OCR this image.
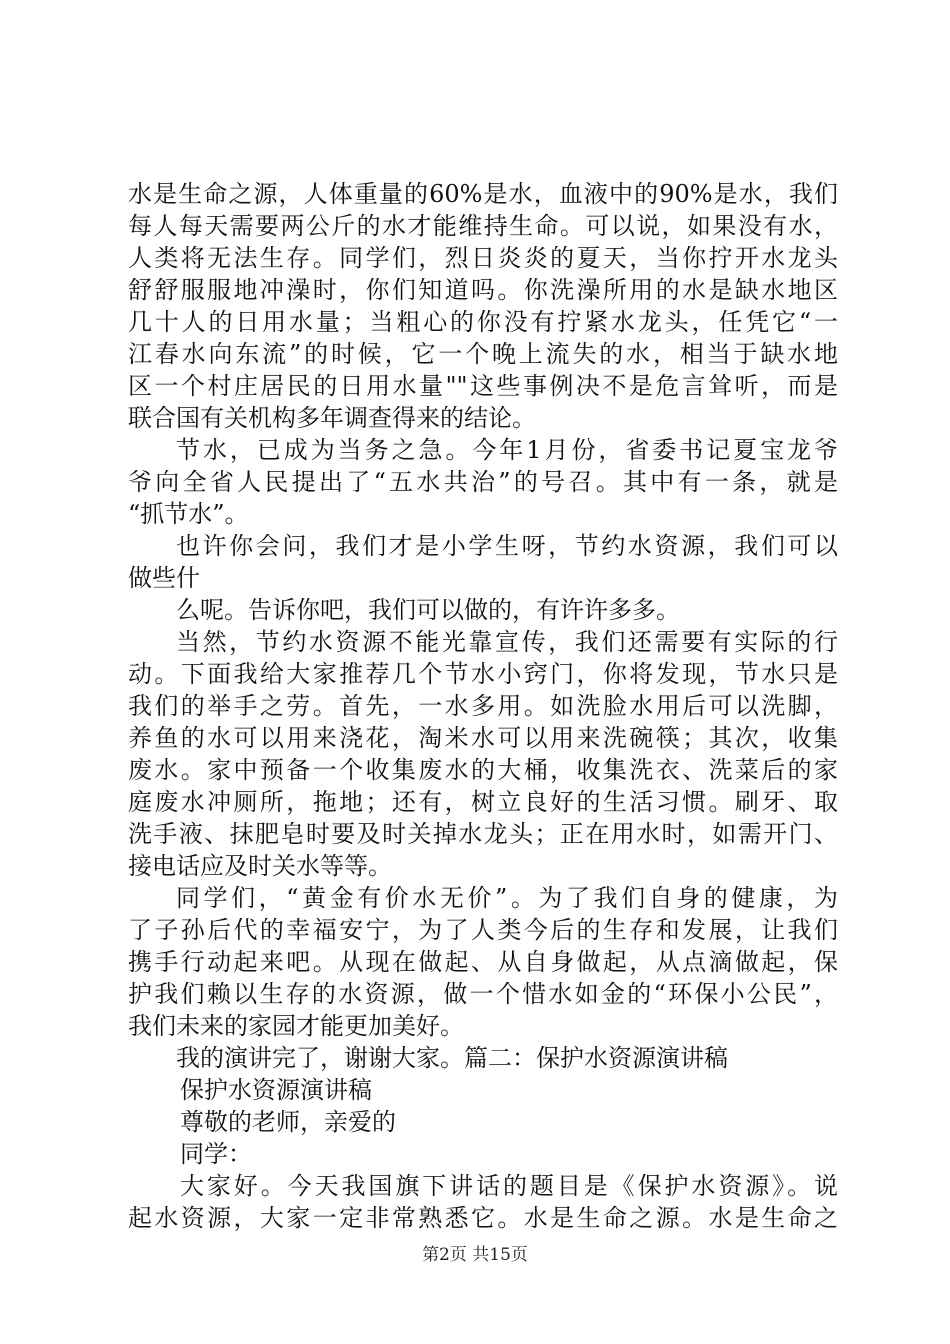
水是生命之源，人体重量的60%是水，血液中的90%是水，我们
每人每天需要两公斤的水才能维持生命。可以说，如果没有水，
人类将无法生存。同学们，烈日炎炎的夏天，当你拧开水龙头
舒舒服服地冲澡时，你们知道吗。你洗澡所用的水是缺水地区
几十人的日用水量；当粗心的你没有拧紧水龙头，任凭它“一
江春水向东流”的时候，它一个晚上流失的水，相当于缺水地
区一个村庄居民的日用水量""这些事例决不是危言耸听，而是
联合国有关机构多年调查得来的结论。
节水，已成为当务之急。今年1月份，省委书记夏宝龙爷
爷向全省人民提出了“五水共治”的号召。其中有一条，就是
“抓节水”。
也许你会问，我们才是小学生呀，节约水资源，我们可以
做些什
么呢。告诉你吧，我们可以做的，有许许多多。
当然，节约水资源不能光靠宣传，我们还需要有实际的行
动。下面我给大家推荐几个节水小窍门，你将发现，节水只是
我们的举手之劳。首先，一水多用。如洗脸水用后可以洗脚，
养鱼的水可以用来浇花，淘米水可以用来洗碗筷；其次，收集
废水。家中预备一个收集废水的大桶，收集洗衣、洗菜后的家
庭废水冲厕所，拖地；还有，树立良好的生活习惯。刷牙、取
洗手液、抹肥皂时要及时关掉水龙头；正在用水时，如需开门、
接电话应及时关水等等。
同学们，“黄金有价水无价”。为了我们自身的健康，为
了子孙后代的幸福安宁，为了人类今后的生存和发展，让我们
携手行动起来吧。从现在做起、从自身做起，从点滴做起，保
护我们赖以生存的水资源，做一个惜水如金的“环保小公民”，
我们未来的家园才能更加美好。
我的演讲完了，谢谢大家。篇二：保护水资源演讲稿
保护水资源演讲稿
尊敬的老师，亲爱的
同学：
大家好。今天我国旗下讲话的题目是《保护水资源》。说
起水资源，大家一定非常熟悉它。水是生命之源。水是生命之
第2页 共15页
